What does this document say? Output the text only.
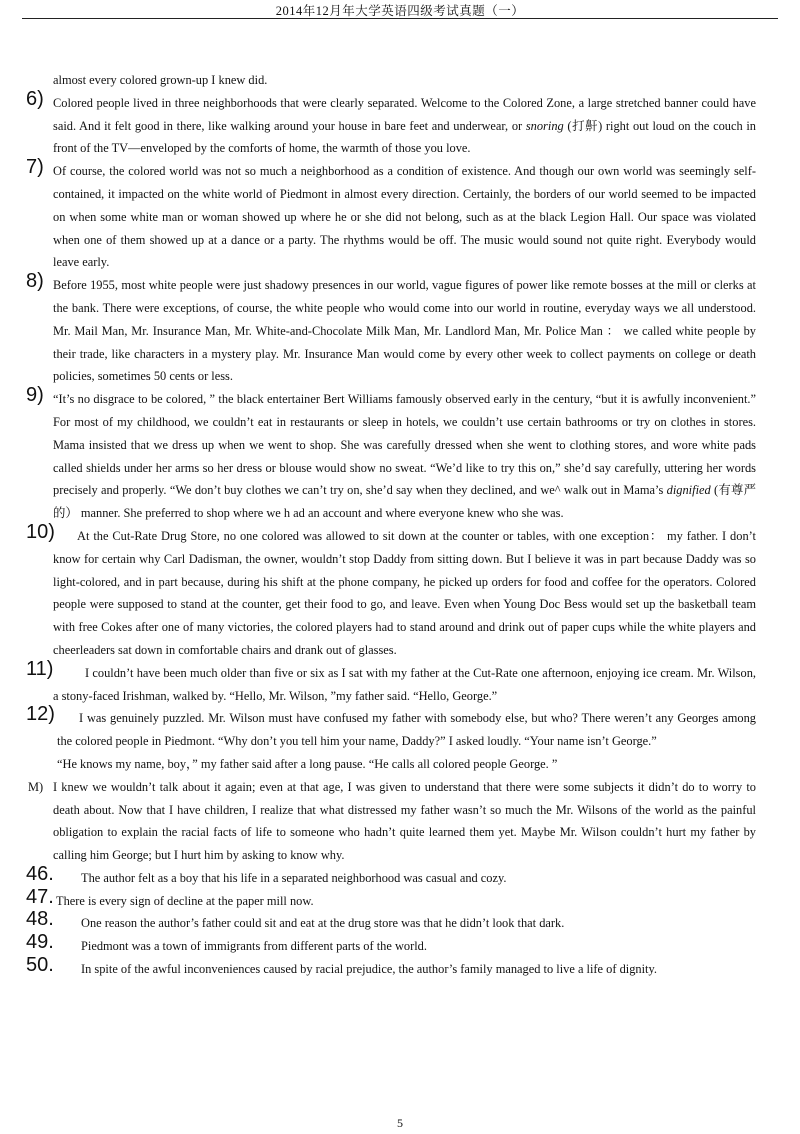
2014年12月年大学英语四级考试真题（一）

almost every colored grown-up I knew did.

6) Colored people lived in three neighborhoods that were clearly separated. Welcome to the Colored Zone, a large stretched banner could have said. And it felt good in there, like walking around your house in bare feet and underwear, or snoring (打鼾) right out loud on the couch in front of the TV—enveloped by the comforts of home, the warmth of those you love.

7) Of course, the colored world was not so much a neighborhood as a condition of existence. And though our own world was seemingly self-contained, it impacted on the white world of Piedmont in almost every direction. Certainly, the borders of our world seemed to be impacted on when some white man or woman showed up where he or she did not belong, such as at the black Legion Hall. Our space was violated when one of them showed up at a dance or a party. The rhythms would be off. The music would sound not quite right. Everybody would leave early.

8) Before 1955, most white people were just shadowy presences in our world, vague figures of power like remote bosses at the mill or clerks at the bank. There were exceptions, of course, the white people who would come into our world in routine, everyday ways we all understood. Mr. Mail Man, Mr. Insurance Man, Mr. White-and-Chocolate Milk Man, Mr. Landlord Man, Mr. Police Man ： we called white people by their trade, like characters in a mystery play. Mr. Insurance Man would come by every other week to collect payments on college or death policies, sometimes 50 cents or less.

9) “It’s no disgrace to be colored, ” the black entertainer Bert Williams famously observed early in the century, “but it is awfully inconvenient.” For most of my childhood, we couldn’t eat in restaurants or sleep in hotels, we couldn’t use certain bathrooms or try on clothes in stores. Mama insisted that we dress up when we went to shop. She was carefully dressed when she went to clothing stores, and wore white pads called shields under her arms so her dress or blouse would show no sweat. “We’d like to try this on,” she’d say carefully, uttering her words precisely and properly. “We don’t buy clothes we can’t try on, she’d say when they declined, and we^ walk out in Mama’s dignified (有尊严的） manner. She preferred to shop where we h ad an account and where everyone knew who she was.

10)	At the Cut-Rate Drug Store, no one colored was allowed to sit down at the counter or tables, with one exception： my father. I don’t know for certain why Carl Dadisman, the owner, wouldn’t stop Daddy from sitting down. But I believe it was in part because Daddy was so light-colored, and in part because, during his shift at the phone company, he picked up orders for food and coffee for the operators. Colored people were supposed to stand at the counter, get their food to go, and leave. Even when Young Doc Bess would set up the basketball team with free Cokes after one of many victories, the colored players had to stand around and drink out of paper cups while the white players and cheerleaders sat down in comfortable chairs and drank out of glasses.

11)	I couldn’t have been much older than five or six as I sat with my father at the Cut-Rate one afternoon, enjoying ice cream. Mr. Wilson, a stony-faced Irishman, walked by. “Hello, Mr. Wilson, ”my father said. “Hello, George.”

12)	I was genuinely puzzled. Mr. Wilson must have confused my father with somebody else, but who? There weren’t any Georges among the colored people in Piedmont. “Why don’t you tell him your name, Daddy?” I asked loudly. “Your name isn’t George.”

“He knows my name, boy，” my father said after a long pause. “He calls all colored people George. ”

M) I knew we wouldn’t talk about it again; even at that age, I was given to understand that there were some subjects it didn’t do to worry to death about. Now that I have children, I realize that what distressed my father wasn’t so much the Mr. Wilsons of the world as the painful obligation to explain the racial facts of life to someone who hadn’t quite learned them yet. Maybe Mr. Wilson couldn’t hurt my father by calling him George; but I hurt him by asking to know why.

46. The author felt as a boy that his life in a separated neighborhood was casual and cozy.
47. There is every sign of decline at the paper mill now.
48. One reason the author’s father could sit and eat at the drug store was that he didn’t look that dark.
49. Piedmont was a town of immigrants from different parts of the world.
50. In spite of the awful inconveniences caused by racial prejudice, the author’s family managed to live a life of dignity.
5
